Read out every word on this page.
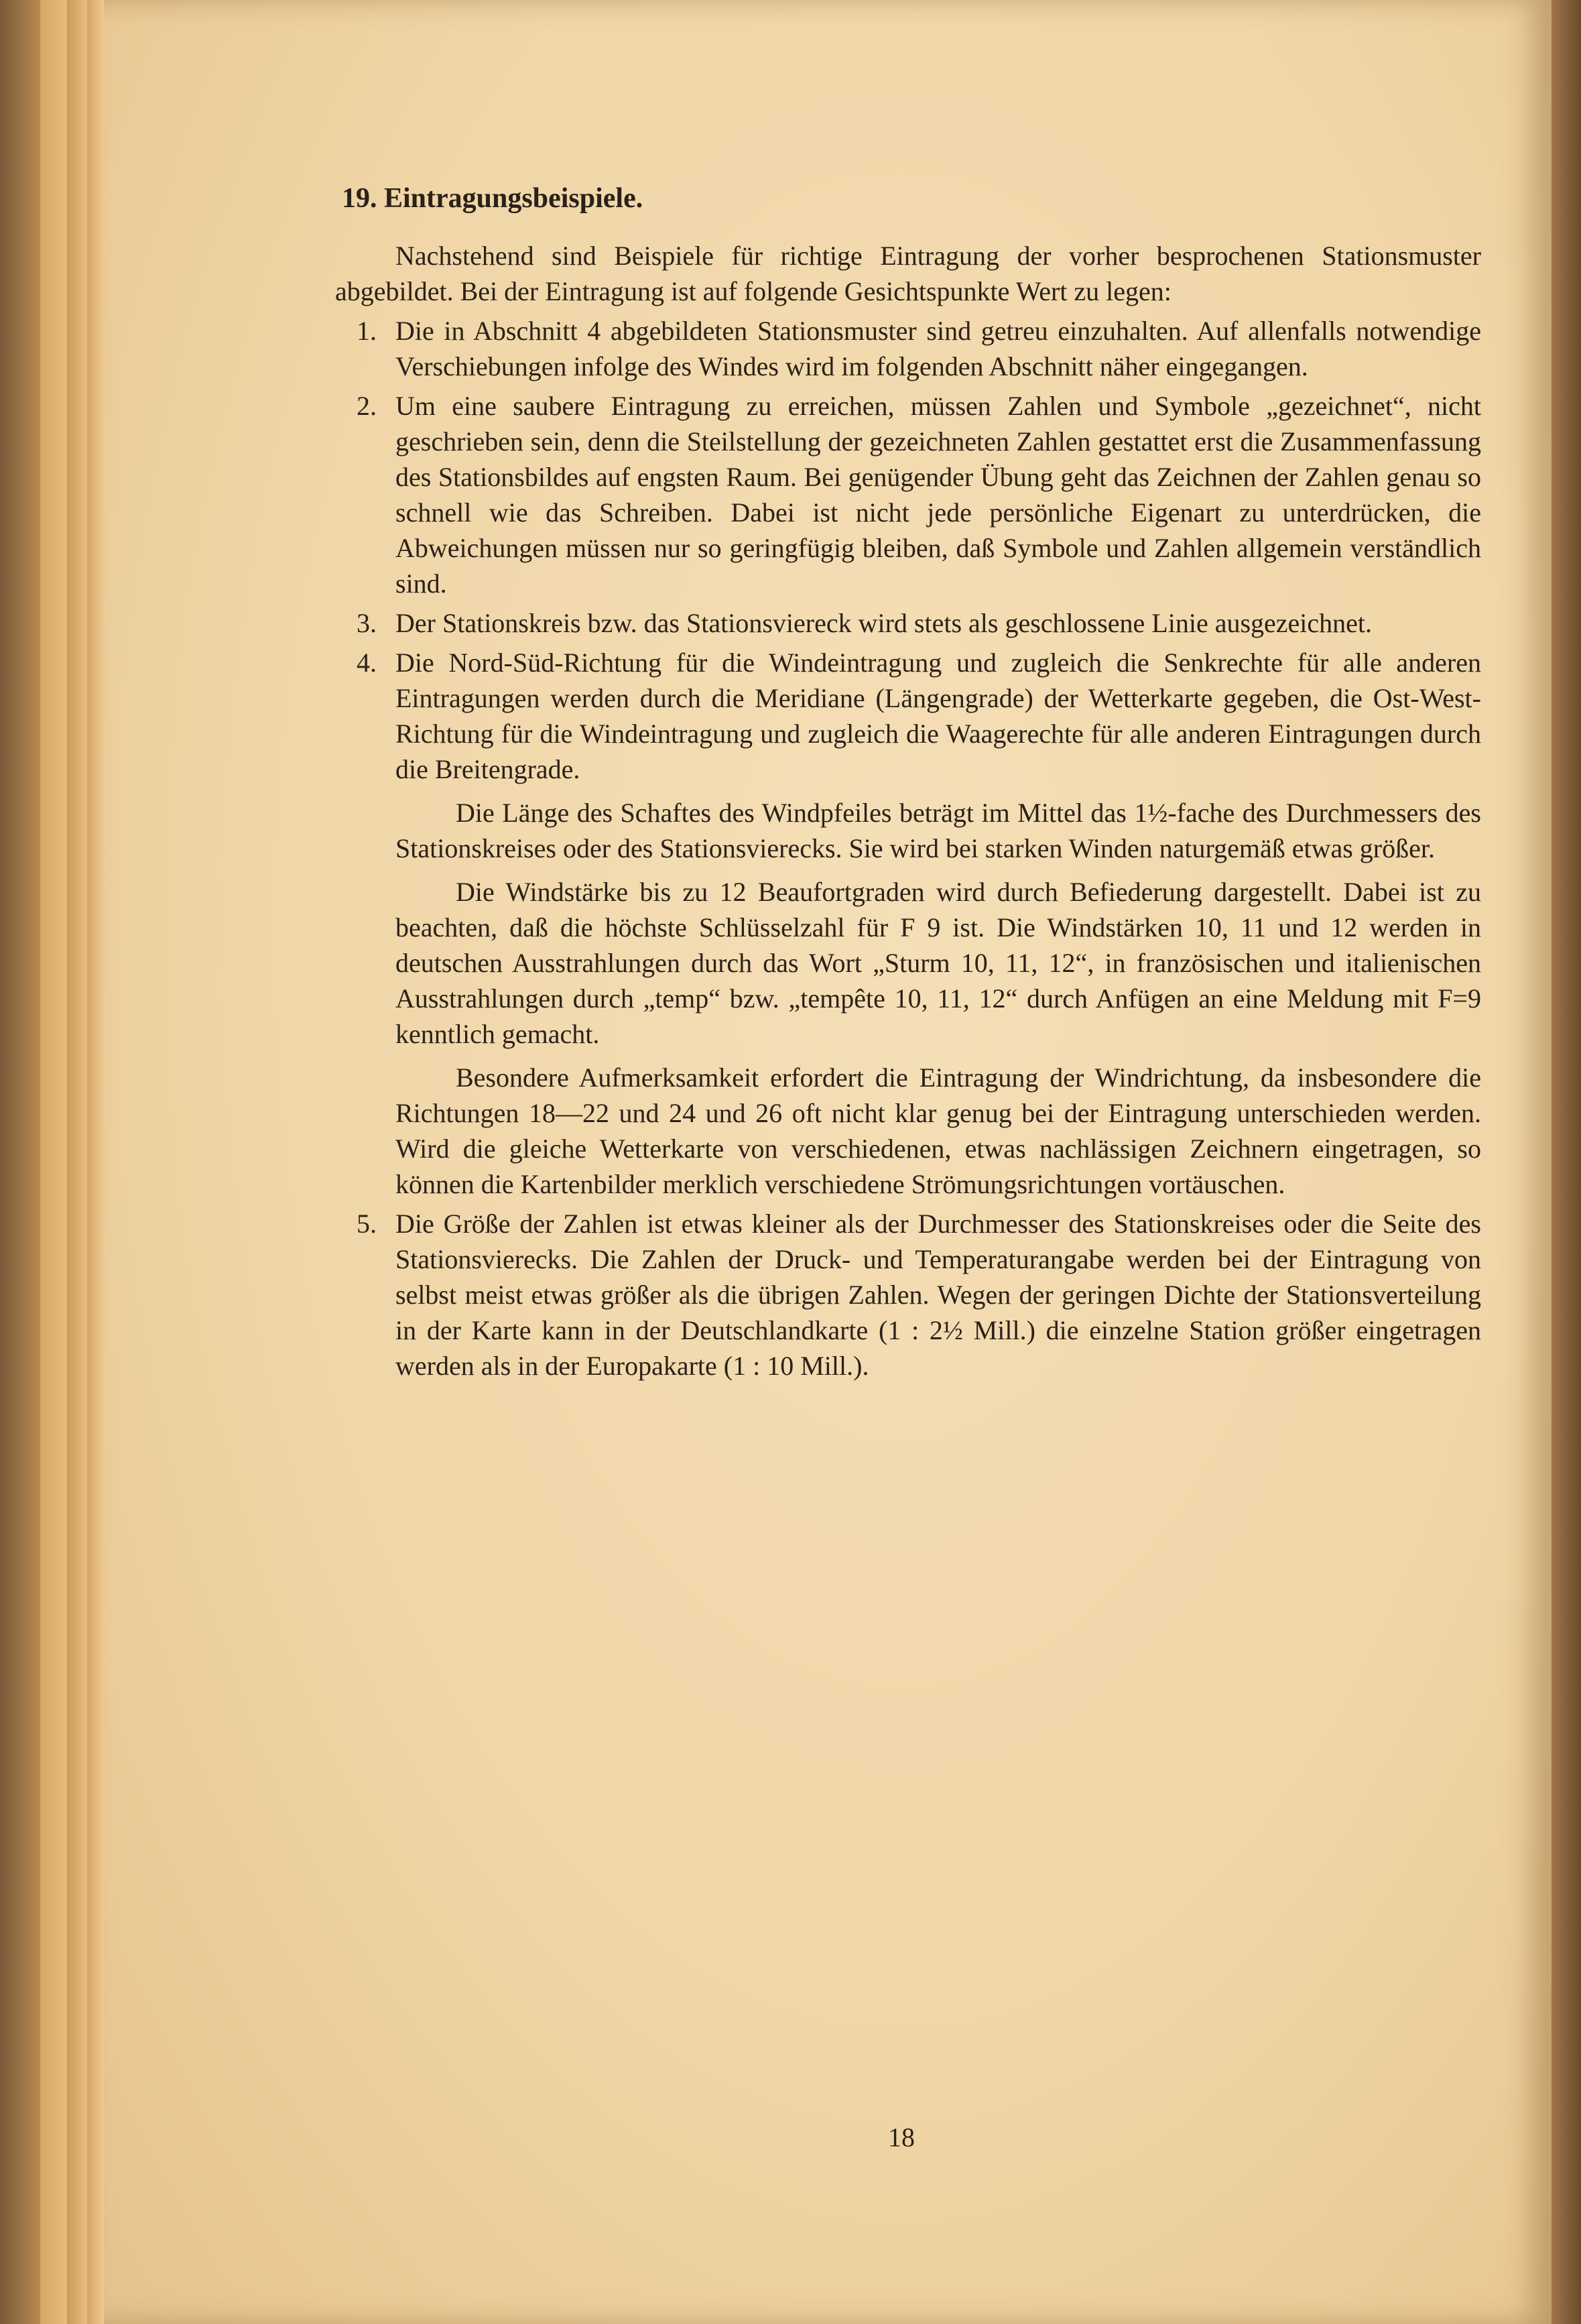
19. Eintragungsbeispiele.

Nachstehend sind Beispiele für richtige Eintragung der vorher besprochenen Stationsmuster abgebildet. Bei der Eintragung ist auf folgende Gesichtspunkte Wert zu legen:

1. Die in Abschnitt 4 abgebildeten Stationsmuster sind getreu einzuhalten. Auf allenfalls notwendige Verschiebungen infolge des Windes wird im folgenden Abschnitt näher eingegangen.

2. Um eine saubere Eintragung zu erreichen, müssen Zahlen und Symbole „gezeichnet“, nicht geschrieben sein, denn die Steilstellung der gezeichneten Zahlen gestattet erst die Zusammenfassung des Stationsbildes auf engsten Raum. Bei genügender Übung geht das Zeichnen der Zahlen genau so schnell wie das Schreiben. Dabei ist nicht jede persönliche Eigenart zu unterdrücken, die Abweichungen müssen nur so geringfügig bleiben, daß Symbole und Zahlen allgemein verständlich sind.

3. Der Stationskreis bzw. das Stationsviereck wird stets als geschlossene Linie ausgezeichnet.

4. Die Nord-Süd-Richtung für die Windeintragung und zugleich die Senkrechte für alle anderen Eintragungen werden durch die Meridiane (Längengrade) der Wetterkarte gegeben, die Ost-West-Richtung für die Windeintragung und zugleich die Waagerechte für alle anderen Eintragungen durch die Breitengrade.

Die Länge des Schaftes des Windpfeiles beträgt im Mittel das 1½-fache des Durchmessers des Stationskreises oder des Stationsvierecks. Sie wird bei starken Winden naturgemäß etwas größer.

Die Windstärke bis zu 12 Beaufortgraden wird durch Befiederung dargestellt. Dabei ist zu beachten, daß die höchste Schlüsselzahl für F 9 ist. Die Windstärken 10, 11 und 12 werden in deutschen Ausstrahlungen durch das Wort „Sturm 10, 11, 12“, in französischen und italienischen Ausstrahlungen durch „temp“ bzw. „tempête 10, 11, 12“ durch Anfügen an eine Meldung mit F=9 kenntlich gemacht.

Besondere Aufmerksamkeit erfordert die Eintragung der Windrichtung, da insbesondere die Richtungen 18—22 und 24 und 26 oft nicht klar genug bei der Eintragung unterschieden werden. Wird die gleiche Wetterkarte von verschiedenen, etwas nachlässigen Zeichnern eingetragen, so können die Kartenbilder merklich verschiedene Strömungsrichtungen vortäuschen.

5. Die Größe der Zahlen ist etwas kleiner als der Durchmesser des Stationskreises oder die Seite des Stationsvierecks. Die Zahlen der Druck- und Temperaturangabe werden bei der Eintragung von selbst meist etwas größer als die übrigen Zahlen. Wegen der geringen Dichte der Stationsverteilung in der Karte kann in der Deutschlandkarte (1 : 2½ Mill.) die einzelne Station größer eingetragen werden als in der Europakarte (1 : 10 Mill.).

18
